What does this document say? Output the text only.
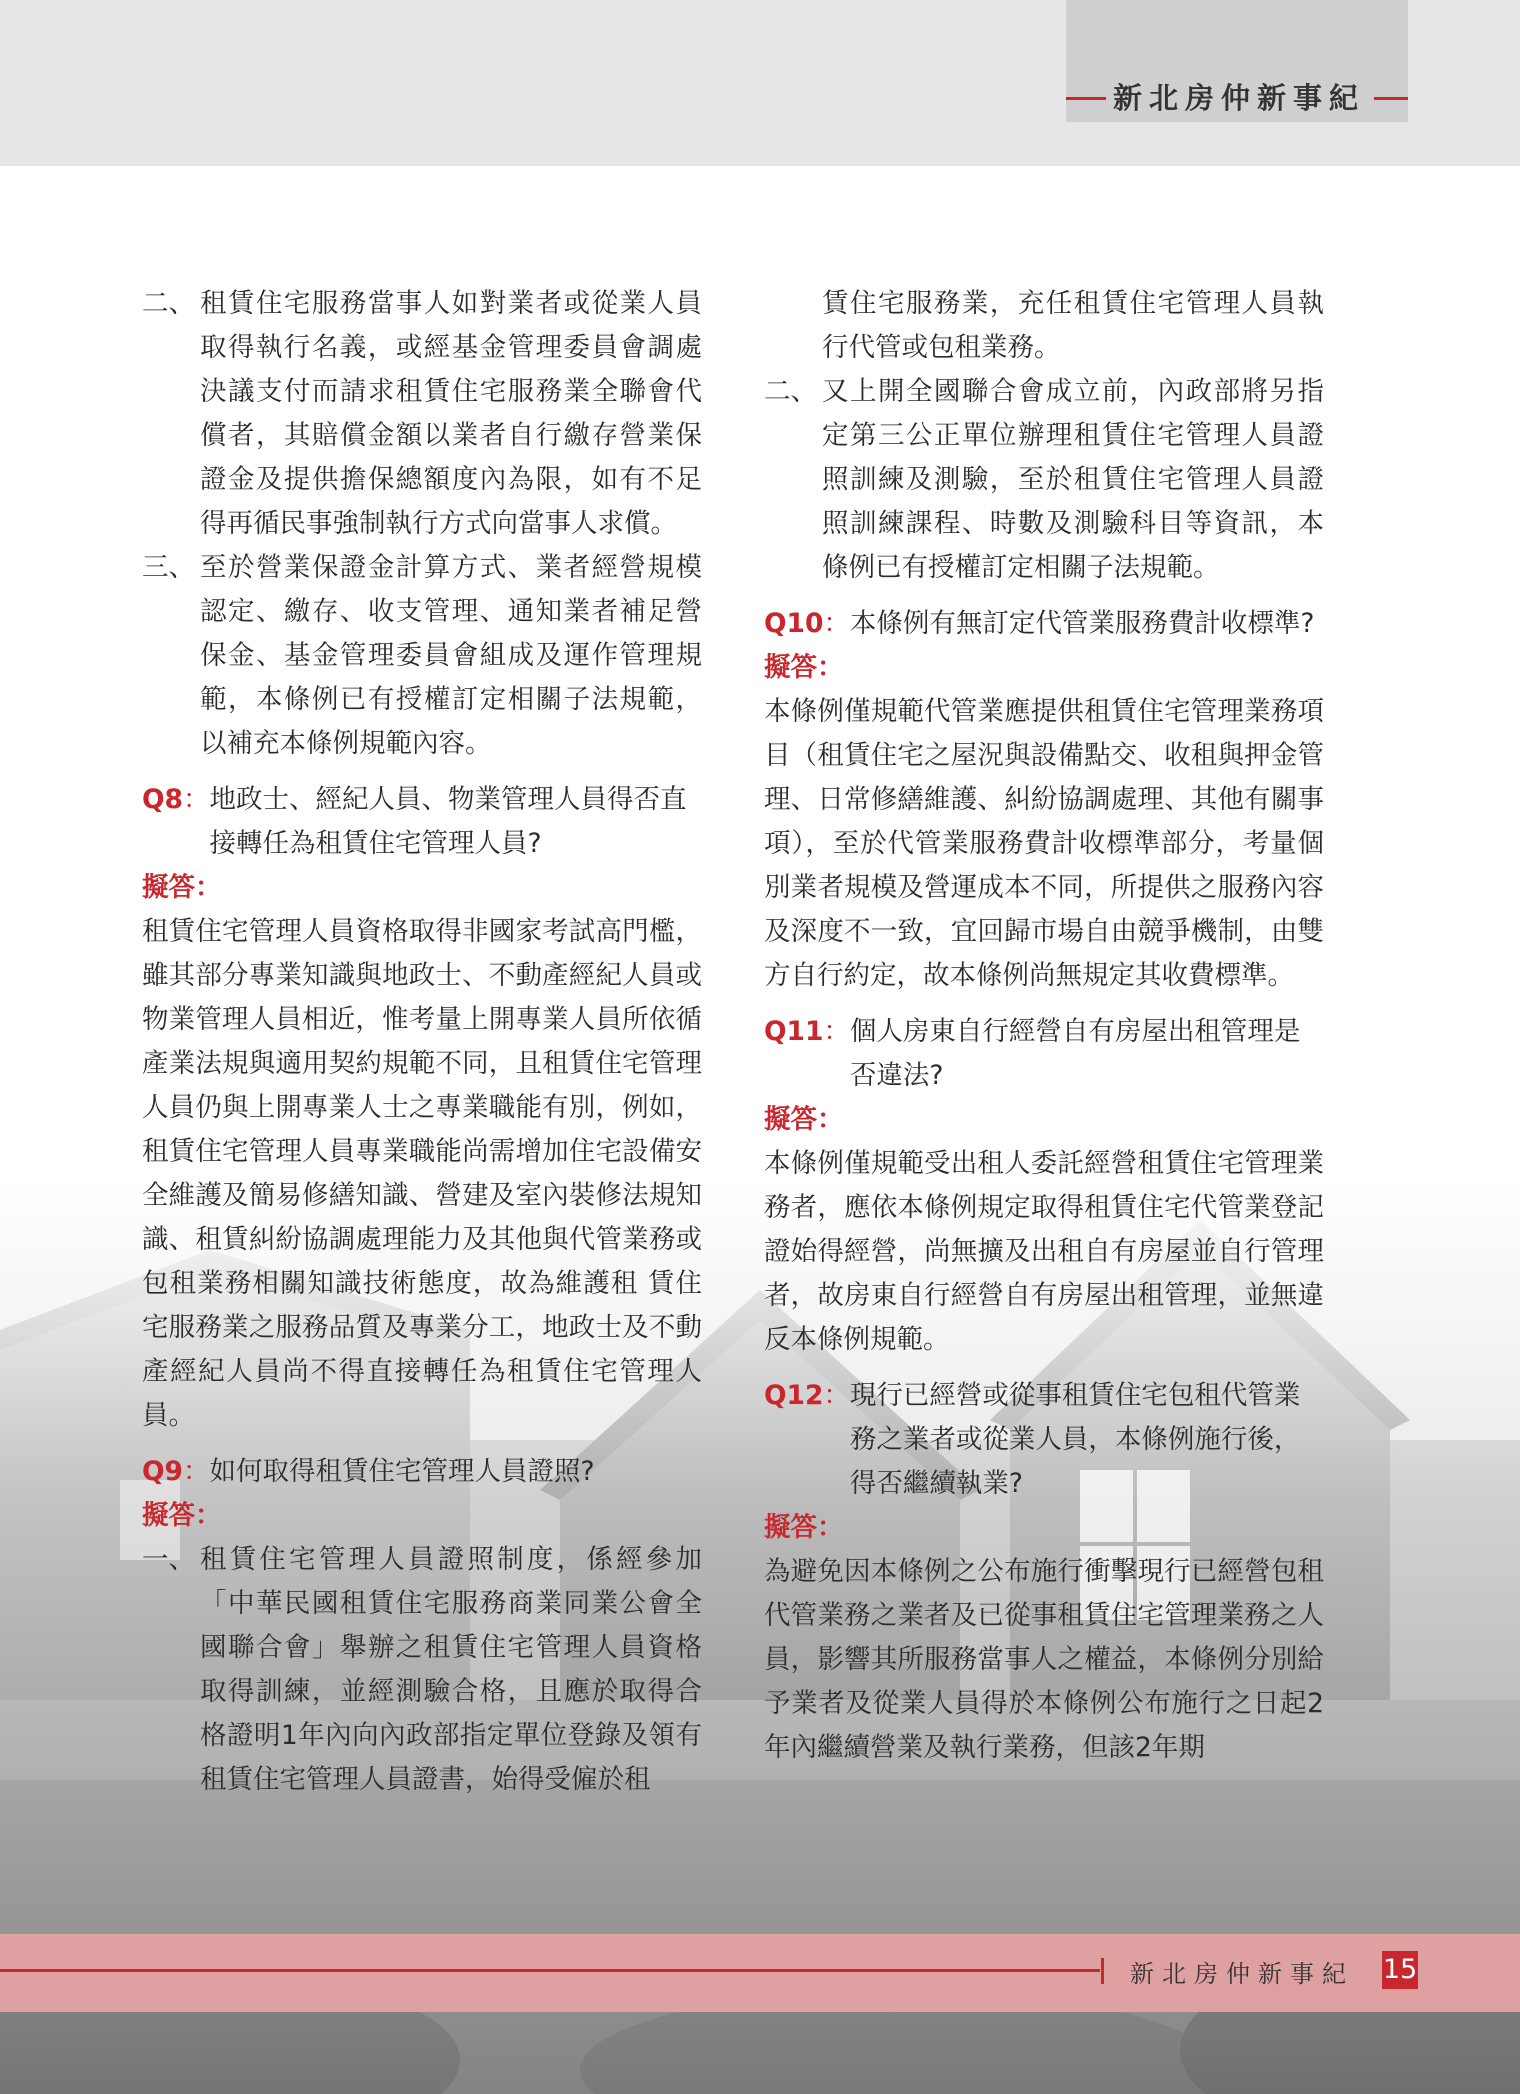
新北房仲新事紀
二、 租賃住宅服務當事人如對業者或從業人員取得執行名義，或經基金管理委員會調處決議支付而請求租賃住宅服務業全聯會代償者，其賠償金額以業者自行繳存營業保證金及提供擔保總額度內為限，如有不足得再循民事強制執行方式向當事人求償。

三、 至於營業保證金計算方式、業者經營規模認定、繳存、收支管理、通知業者補足營保金、基金管理委員會組成及運作管理規範，本條例已有授權訂定相關子法規範，以補充本條例規範內容。

Q8 ： 地政士、經紀人員、物業管理人員得否直接轉任為租賃住宅管理人員?
擬答：

租賃住宅管理人員資格取得非國家考試高門檻，雖其部分專業知識與地政士、不動產經紀人員或物業管理人員相近，惟考量上開專業人員所依循產業法規與適用契約規範不同，且租賃住宅管理人員仍與上開專業人士之專業職能有別，例如，租賃住宅管理人員專業職能尚需增加住宅設備安全維護及簡易修繕知識、營建及室內裝修法規知識、租賃糾紛協調處理能力及其他與代管業務或包租業務相關知識技術態度，故為維護租 賃住宅服務業之服務品質及專業分工，地政士及不動產經紀人員尚不得直接轉任為租賃住宅管理人員。

Q9 ： 如何取得租賃住宅管理人員證照?
擬答：
一、 租賃住宅管理人員證照制度，係經參加「中華民國租賃住宅服務商業同業公會全國聯合會」舉辦之租賃住宅管理人員資格取得訓練，並經測驗合格，且應於取得合格證明1年內向內政部指定單位登錄及領有租賃住宅管理人員證書，始得受僱於租

賃住宅服務業，充任租賃住宅管理人員執行代管或包租業務。

二、 又上開全國聯合會成立前，內政部將另指定第三公正單位辦理租賃住宅管理人員證照訓練及測驗，至於租賃住宅管理人員證照訓練課程、時數及測驗科目等資訊，本條例已有授權訂定相關子法規範。

Q10 ： 本條例有無訂定代管業服務費計收標準?
擬答：

本條例僅規範代管業應提供租賃住宅管理業務項目（租賃住宅之屋況與設備點交、收租與押金管理、日常修繕維護、糾紛協調處理、其他有關事項），至於代管業服務費計收標準部分，考量個別業者規模及營運成本不同，所提供之服務內容及深度不一致，宜回歸市場自由競爭機制，由雙方自行約定，故本條例尚無規定其收費標準。

Q11 ： 個人房東自行經營自有房屋出租管理是否違法?
擬答：

本條例僅規範受出租人委託經營租賃住宅管理業務者，應依本條例規定取得租賃住宅代管業登記證始得經營，尚無擴及出租自有房屋並自行管理者，故房東自行經營自有房屋出租管理，並無違反本條例規範。

Q12 ： 現行已經營或從事租賃住宅包租代管業務之業者或從業人員，本條例施行後，得否繼續執業?
擬答：

為避免因本條例之公布施行衝擊現行已經營包租代管業務之業者及已從事租賃住宅管理業務之人員，影響其所服務當事人之權益，本條例分別給予業者及從業人員得於本條例公布施行之日起2年內繼續營業及執行業務，但該2年期

新北房仲新事紀 15
